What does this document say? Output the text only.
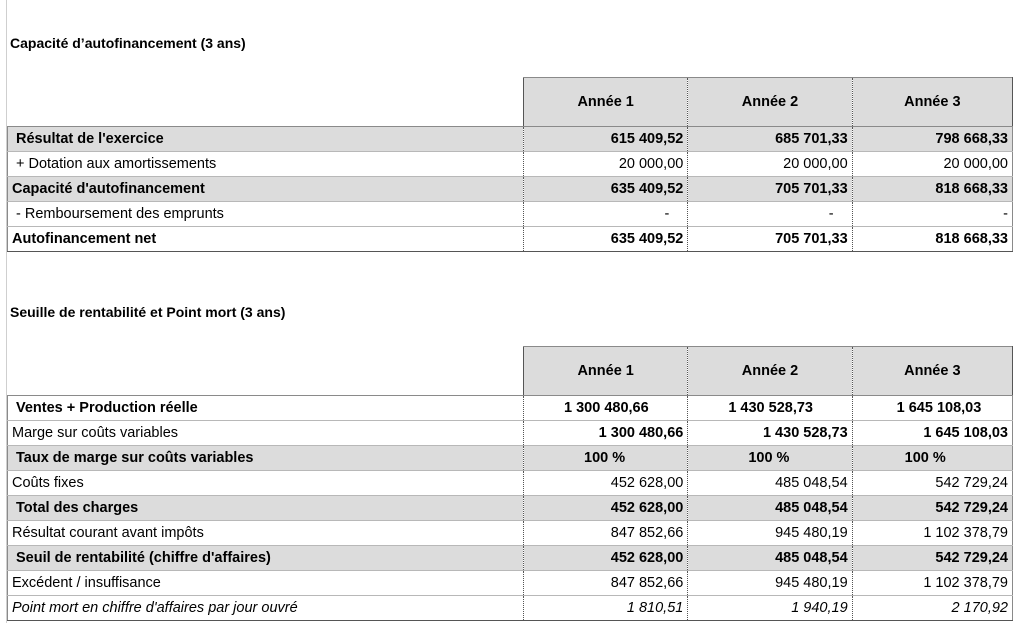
Capacité d’autofinancement (3 ans)
	Année 1	Année 2	Année 3
Résultat de l'exercice	615 409,52	685 701,33	798 668,33
+ Dotation aux amortissements	20 000,00	20 000,00	20 000,00
Capacité d'autofinancement	635 409,52	705 701,33	818 668,33
- Remboursement des emprunts	-	-	-
Autofinancement net	635 409,52	705 701,33	818 668,33
Seuille de rentabilité et Point mort (3 ans)
	Année 1	Année 2	Année 3
Ventes + Production réelle	1 300 480,66	1 430 528,73	1 645 108,03
Marge sur coûts variables	1 300 480,66	1 430 528,73	1 645 108,03
Taux de marge sur coûts variables	100 %	100 %	100 %
Coûts fixes	452 628,00	485 048,54	542 729,24
Total des charges	452 628,00	485 048,54	542 729,24
Résultat courant avant impôts	847 852,66	945 480,19	1 102 378,79
Seuil de rentabilité (chiffre d'affaires)	452 628,00	485 048,54	542 729,24
Excédent / insuffisance	847 852,66	945 480,19	1 102 378,79
Point mort en chiffre d'affaires par jour ouvré	1 810,51	1 940,19	2 170,92
